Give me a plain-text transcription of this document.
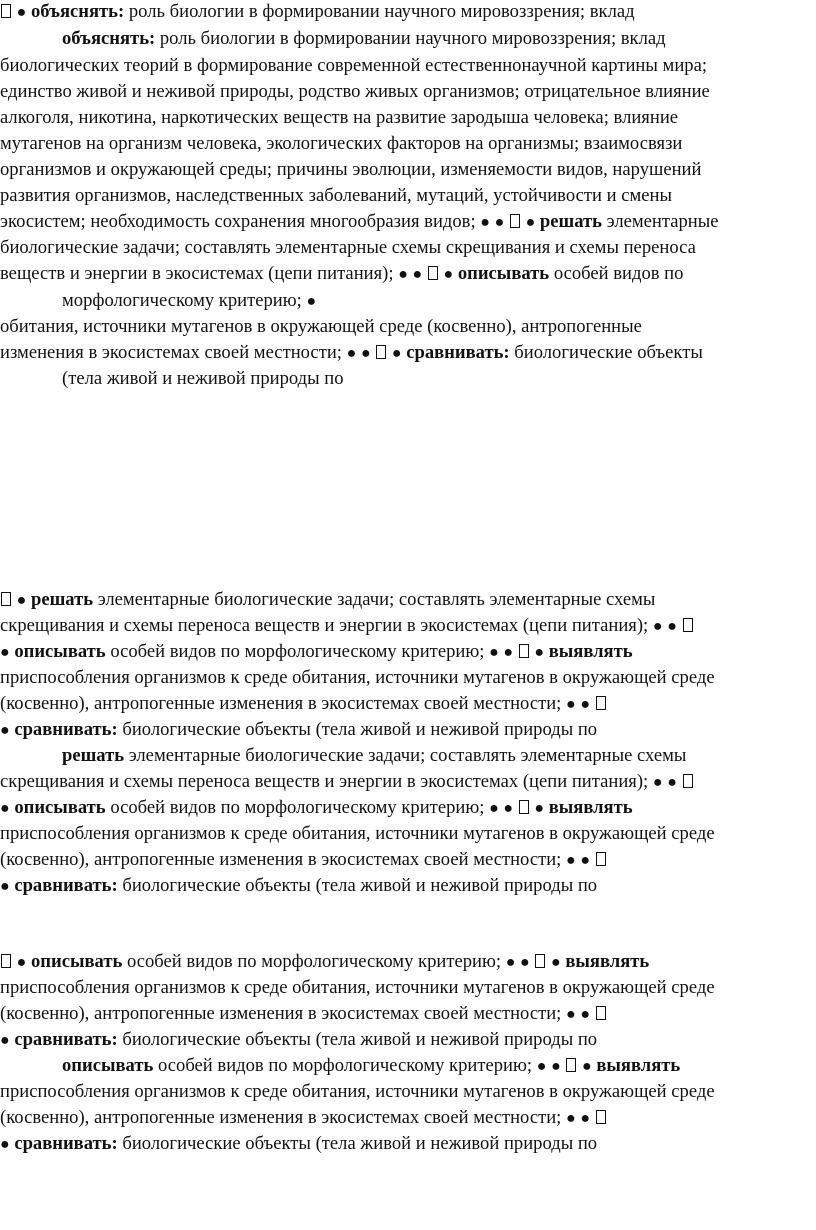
● объяснять: роль биологии в формировании научного мировоззрения; вклад
объяснять: роль биологии в формировании научного мировоззрения; вклад
биологических теорий в формирование современной естественнонаучной картины мира;
единство живой и неживой природы, родство живых организмов; отрицательное влияние
алкоголя, никотина, наркотических веществ на развитие зародыша человека; влияние
мутагенов на организм человека, экологических факторов на организмы; взаимосвязи
организмов и окружающей среды; причины эволюции, изменяемости видов, нарушений
развития организмов, наследственных заболеваний, мутаций, устойчивости и смены
экосистем; необходимость сохранения многообразия видов; ● ● ● решать элементарные
биологические задачи; составлять элементарные схемы скрещивания и схемы переноса
веществ и энергии в экосистемах (цепи питания); ● ● ● описывать особей видов по
морфологическому критерию; ●
обитания, источники мутагенов в окружающей среде (косвенно), антропогенные
изменения в экосистемах своей местности; ● ● ● сравнивать: биологические объекты
(тела живой и неживой природы по
● решать элементарные биологические задачи; составлять элементарные схемы
скрещивания и схемы переноса веществ и энергии в экосистемах (цепи питания); ● ●
● описывать особей видов по морфологическому критерию; ● ● ● выявлять
приспособления организмов к среде обитания, источники мутагенов в окружающей среде
(косвенно), антропогенные изменения в экосистемах своей местности; ● ●
● сравнивать: биологические объекты (тела живой и неживой природы по
решать элементарные биологические задачи; составлять элементарные схемы
скрещивания и схемы переноса веществ и энергии в экосистемах (цепи питания); ● ●
● описывать особей видов по морфологическому критерию; ● ● ● выявлять
приспособления организмов к среде обитания, источники мутагенов в окружающей среде
(косвенно), антропогенные изменения в экосистемах своей местности; ● ●
● сравнивать: биологические объекты (тела живой и неживой природы по
● описывать особей видов по морфологическому критерию; ● ● ● выявлять
приспособления организмов к среде обитания, источники мутагенов в окружающей среде
(косвенно), антропогенные изменения в экосистемах своей местности; ● ●
● сравнивать: биологические объекты (тела живой и неживой природы по
описывать особей видов по морфологическому критерию; ● ● ● выявлять
приспособления организмов к среде обитания, источники мутагенов в окружающей среде
(косвенно), антропогенные изменения в экосистемах своей местности; ● ●
● сравнивать: биологические объекты (тела живой и неживой природы по
